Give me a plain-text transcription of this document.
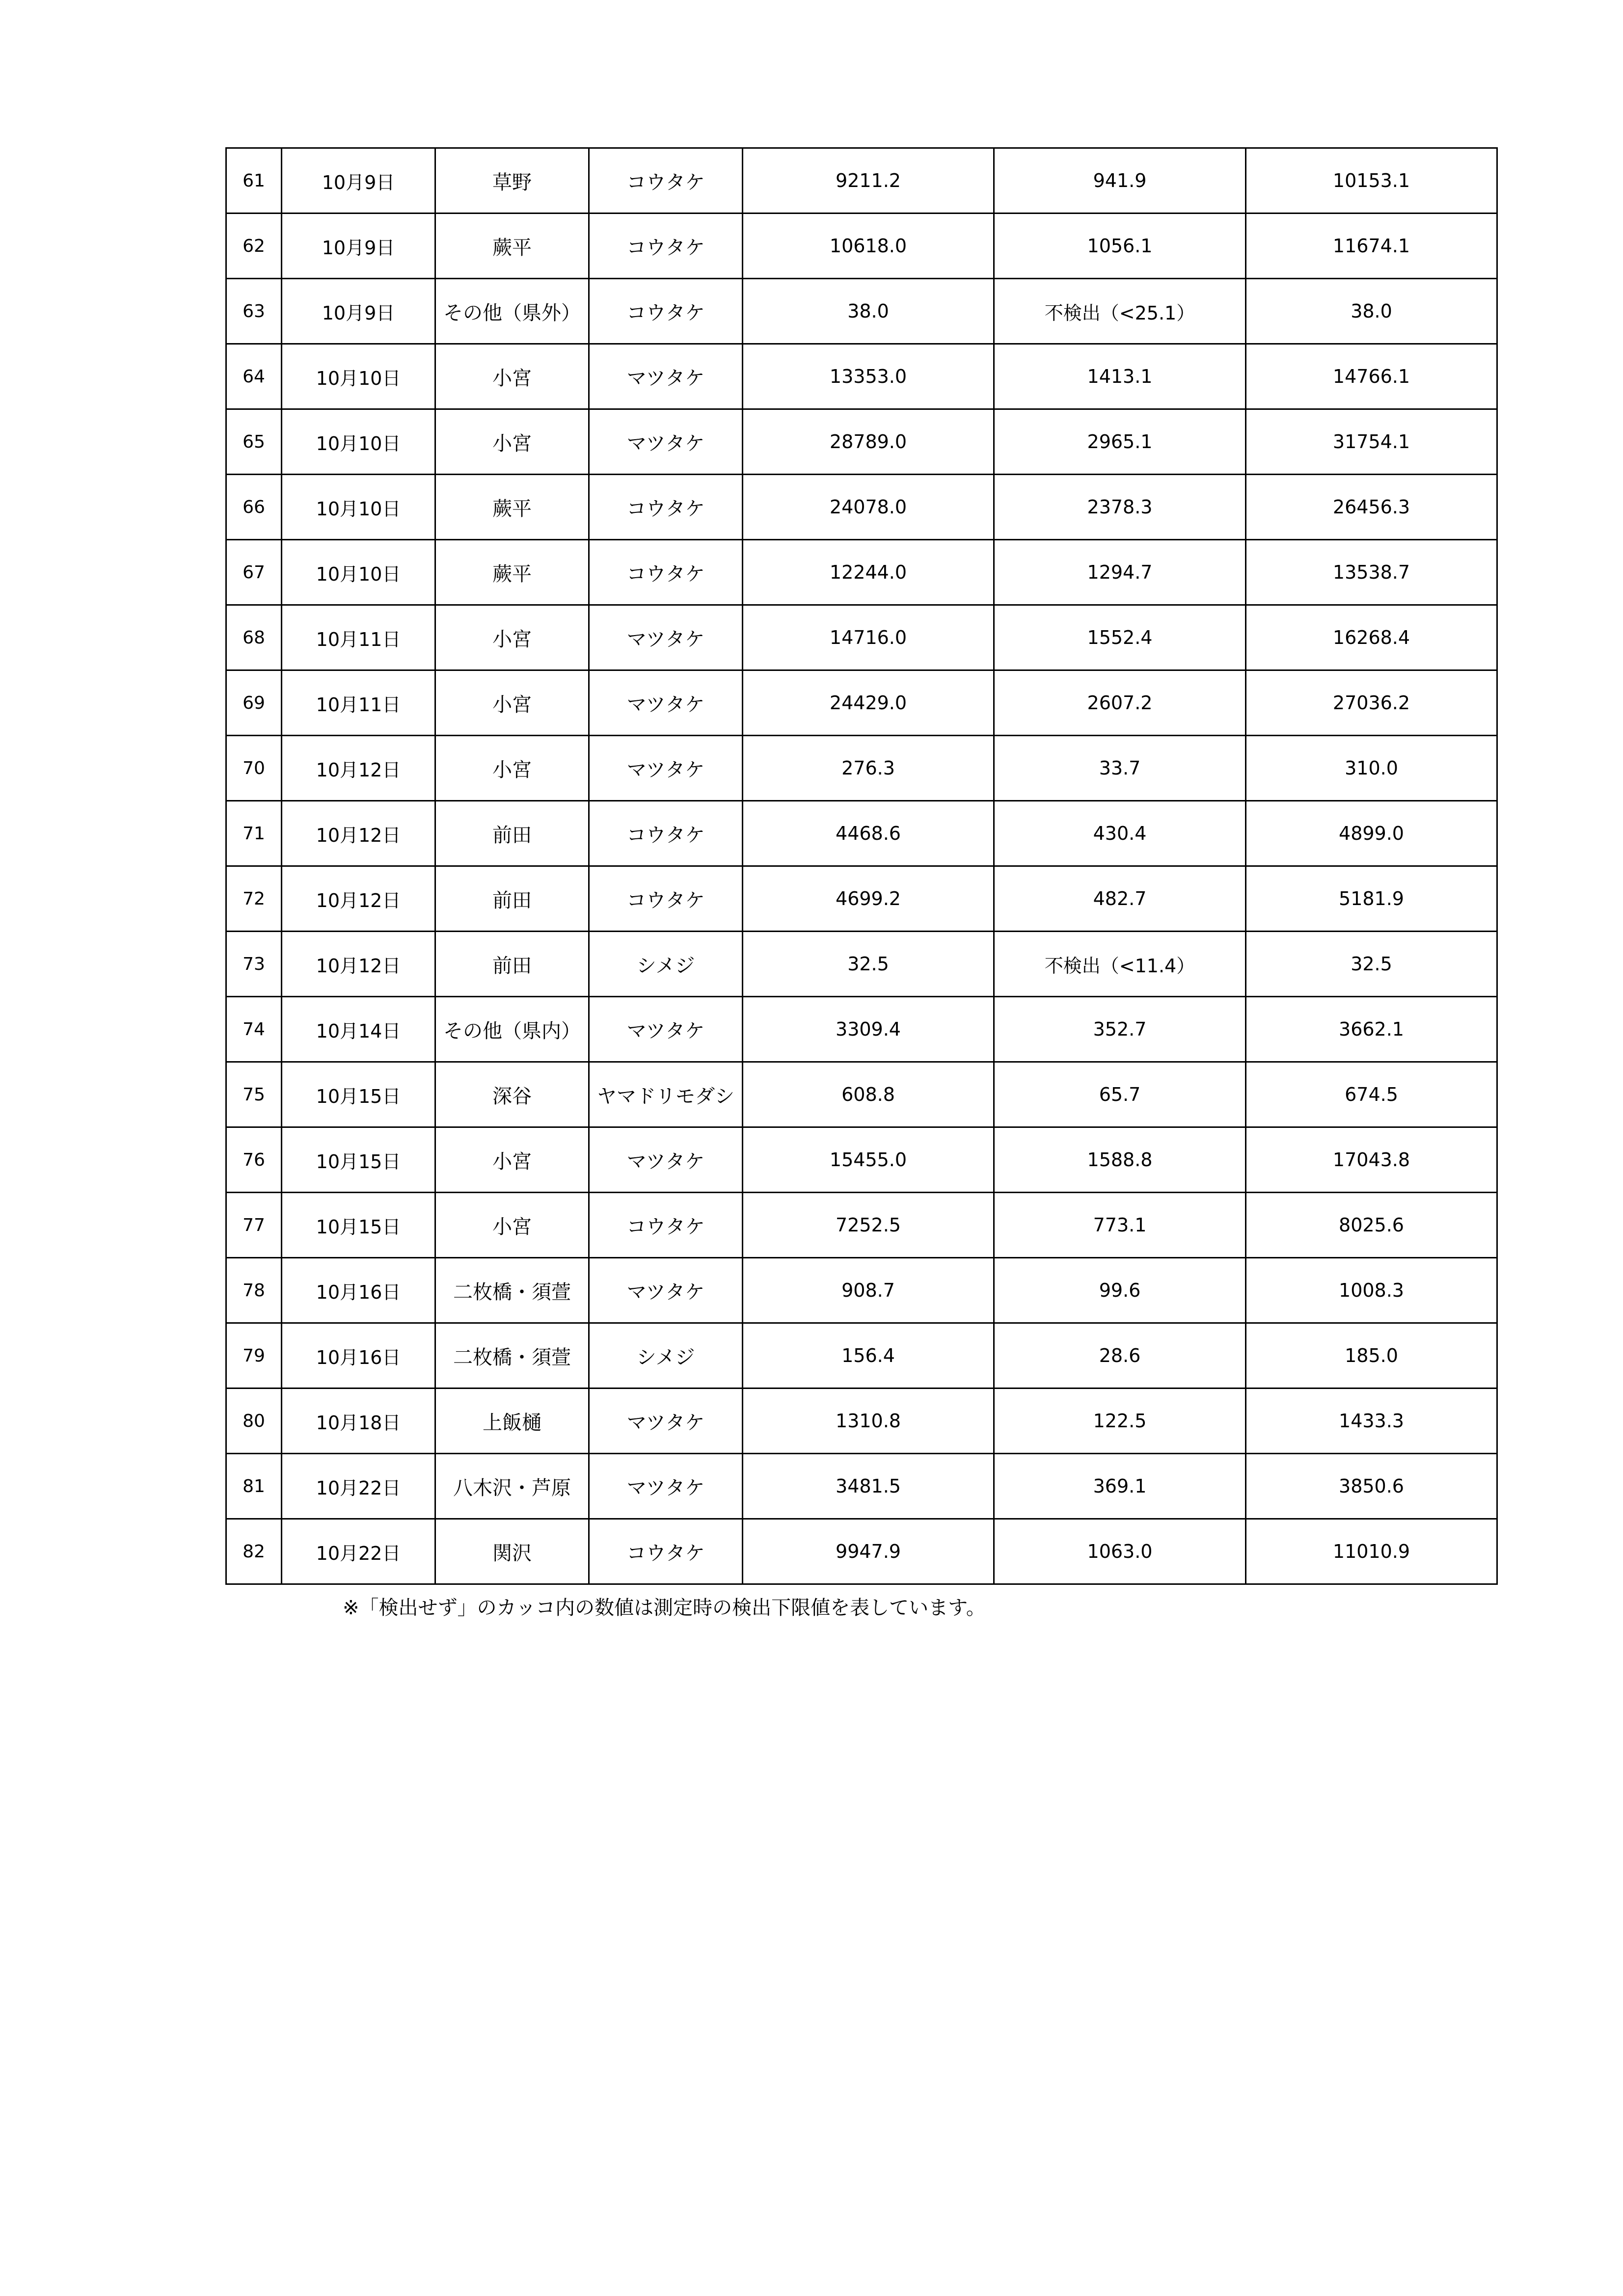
61	10月9日	草野	コウタケ	9211.2	941.9	10153.1
62	10月9日	蕨平	コウタケ	10618.0	1056.1	11674.1
63	10月9日	その他（県外）	コウタケ	38.0	不検出（<25.1）	38.0
64	10月10日	小宮	マツタケ	13353.0	1413.1	14766.1
65	10月10日	小宮	マツタケ	28789.0	2965.1	31754.1
66	10月10日	蕨平	コウタケ	24078.0	2378.3	26456.3
67	10月10日	蕨平	コウタケ	12244.0	1294.7	13538.7
68	10月11日	小宮	マツタケ	14716.0	1552.4	16268.4
69	10月11日	小宮	マツタケ	24429.0	2607.2	27036.2
70	10月12日	小宮	マツタケ	276.3	33.7	310.0
71	10月12日	前田	コウタケ	4468.6	430.4	4899.0
72	10月12日	前田	コウタケ	4699.2	482.7	5181.9
73	10月12日	前田	シメジ	32.5	不検出（<11.4）	32.5
74	10月14日	その他（県内）	マツタケ	3309.4	352.7	3662.1
75	10月15日	深谷	ヤマドリモダシ	608.8	65.7	674.5
76	10月15日	小宮	マツタケ	15455.0	1588.8	17043.8
77	10月15日	小宮	コウタケ	7252.5	773.1	8025.6
78	10月16日	二枚橋・須萱	マツタケ	908.7	99.6	1008.3
79	10月16日	二枚橋・須萱	シメジ	156.4	28.6	185.0
80	10月18日	上飯樋	マツタケ	1310.8	122.5	1433.3
81	10月22日	八木沢・芦原	マツタケ	3481.5	369.1	3850.6
82	10月22日	関沢	コウタケ	9947.9	1063.0	11010.9
※「検出せず」のカッコ内の数値は測定時の検出下限値を表しています。
